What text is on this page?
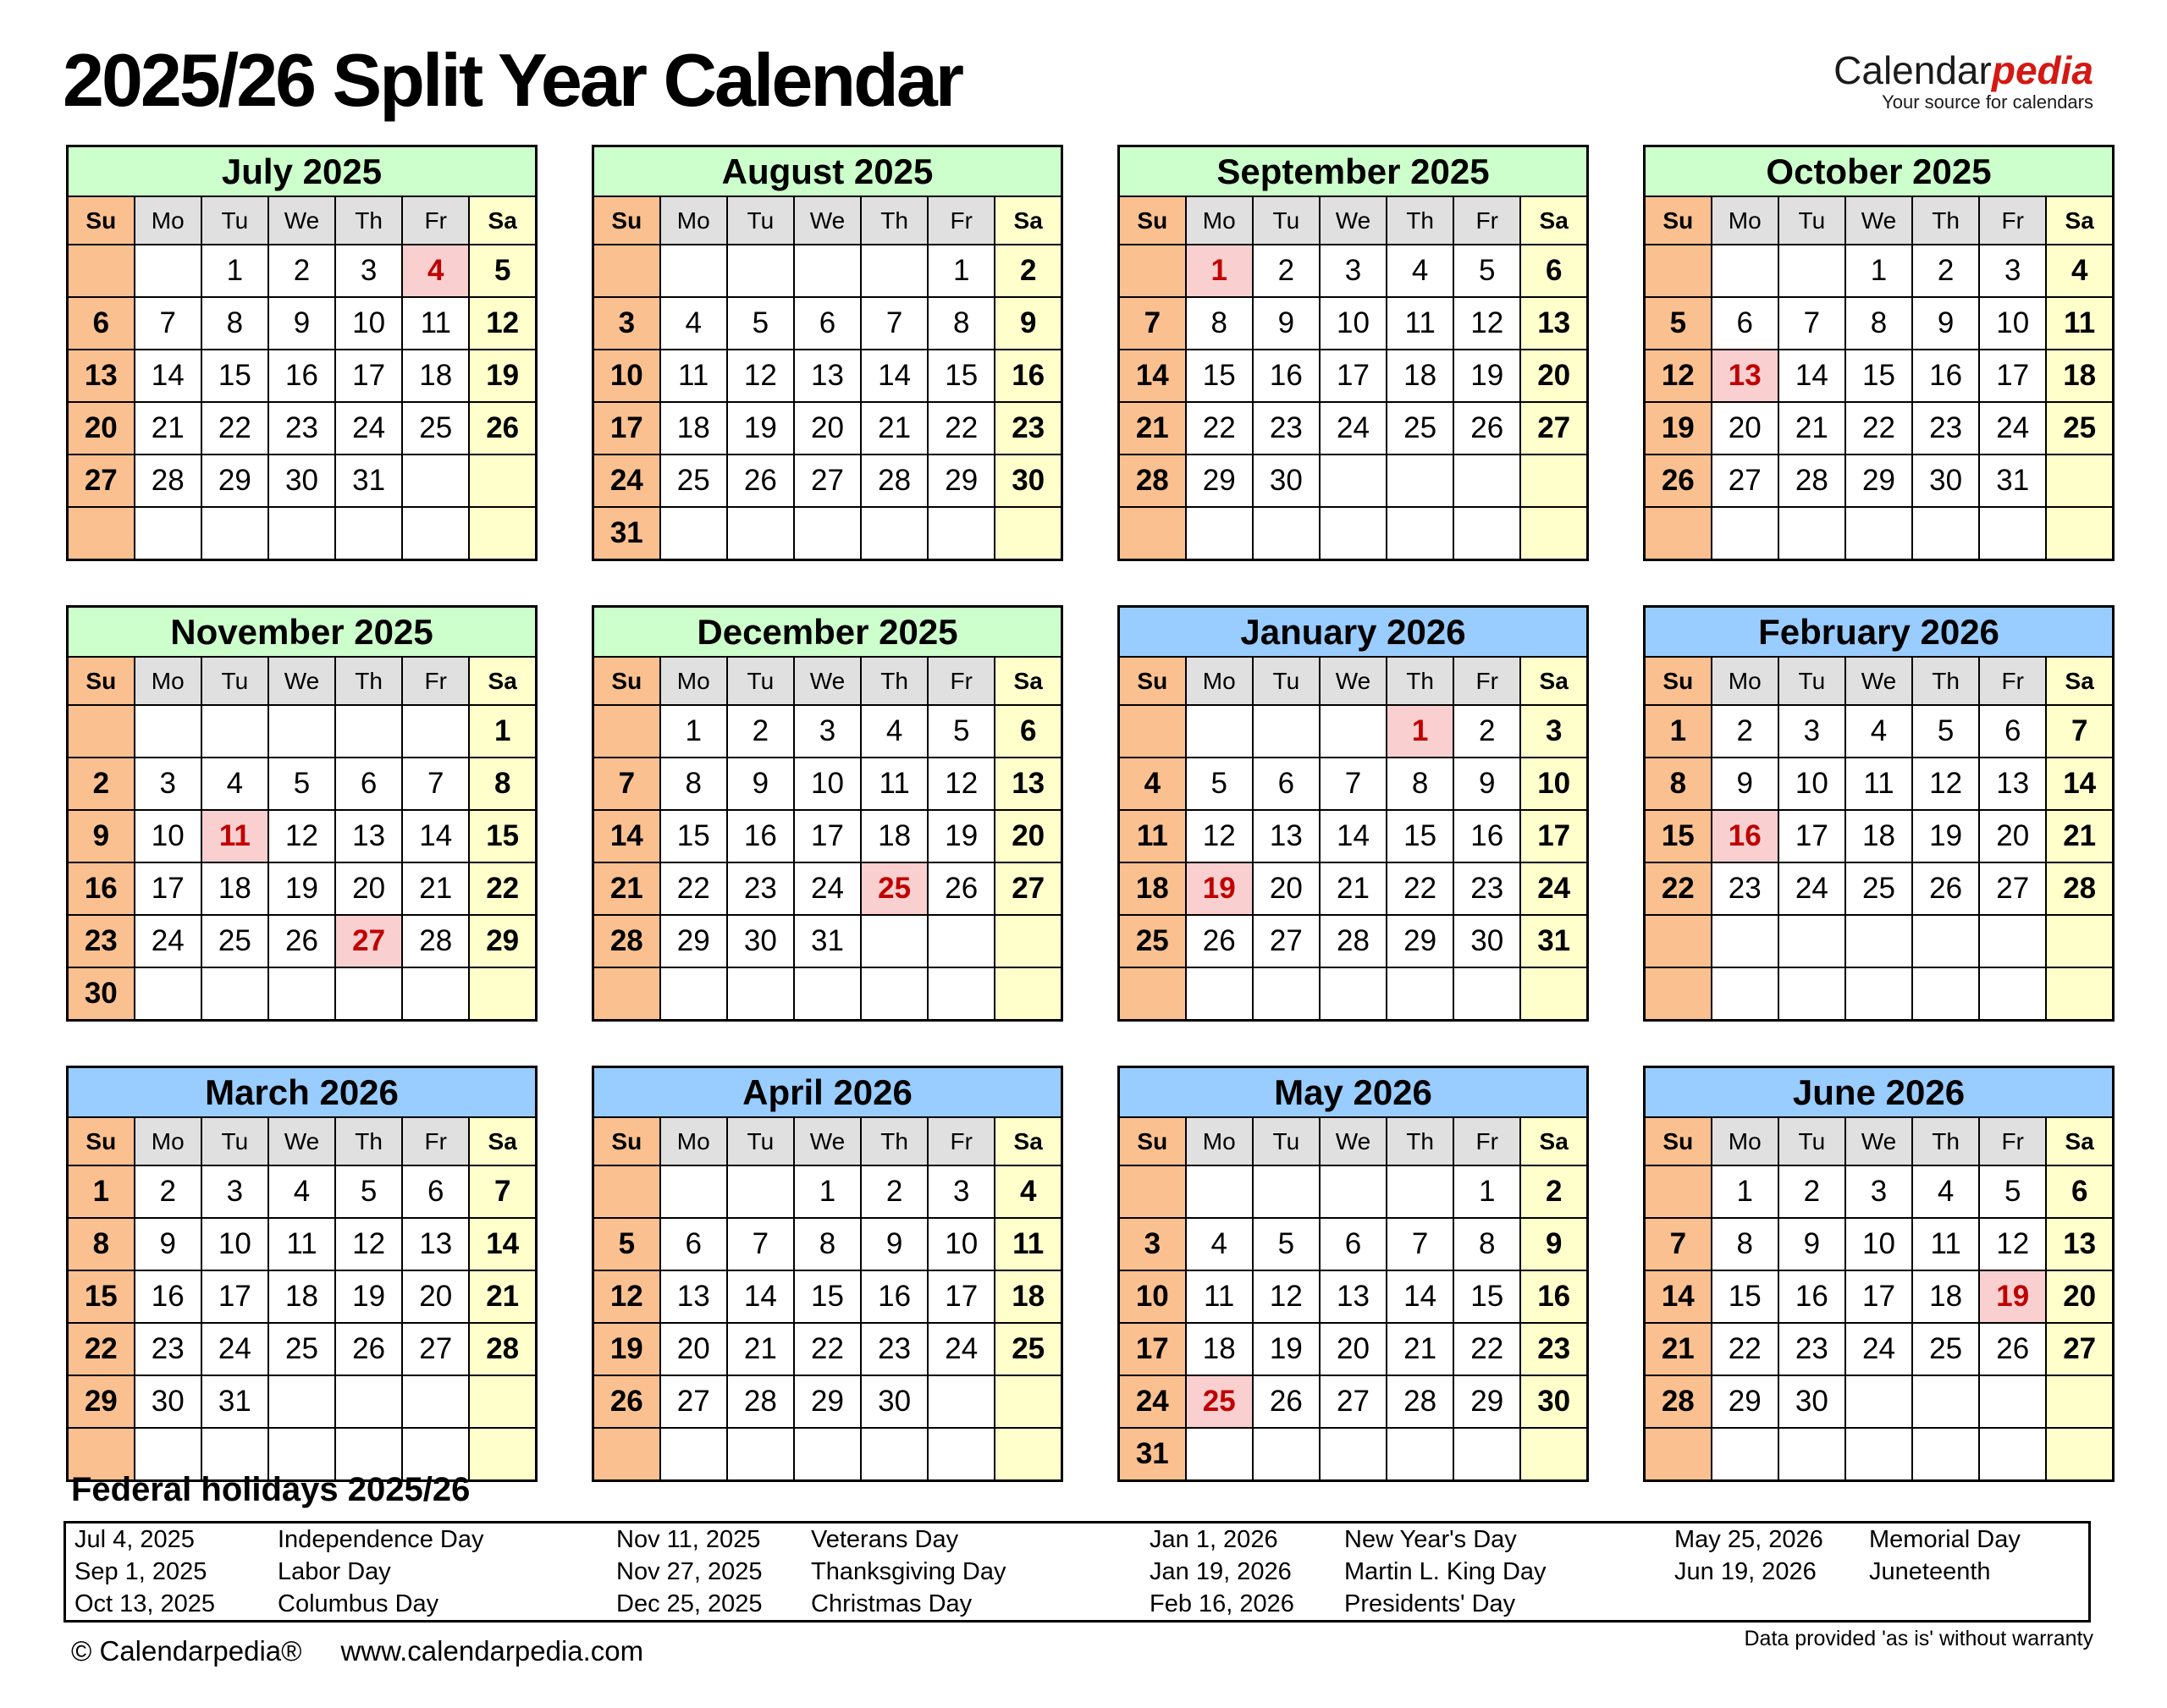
2025/26 Split Year Calendar	Calendarpedia
Your source for calendars
July 2025						
Su	Mo	Tu	We	Th	Fr	Sa
		1	2	3	4	5
6	7	8	9	10	11	12
13	14	15	16	17	18	19
20	21	22	23	24	25	26
27	28	29	30	31		

August 2025						
Su	Mo	Tu	We	Th	Fr	Sa
					1	2
3	4	5	6	7	8	9
10	11	12	13	14	15	16
17	18	19	20	21	22	23
24	25	26	27	28	29	30
31						
September 2025						
Su	Mo	Tu	We	Th	Fr	Sa
	1	2	3	4	5	6
7	8	9	10	11	12	13
14	15	16	17	18	19	20
21	22	23	24	25	26	27
28	29	30				

October 2025						
Su	Mo	Tu	We	Th	Fr	Sa
			1	2	3	4
5	6	7	8	9	10	11
12	13	14	15	16	17	18
19	20	21	22	23	24	25
26	27	28	29	30	31	

November 2025						
Su	Mo	Tu	We	Th	Fr	Sa
						1
2	3	4	5	6	7	8
9	10	11	12	13	14	15
16	17	18	19	20	21	22
23	24	25	26	27	28	29
30						
December 2025						
Su	Mo	Tu	We	Th	Fr	Sa
	1	2	3	4	5	6
7	8	9	10	11	12	13
14	15	16	17	18	19	20
21	22	23	24	25	26	27
28	29	30	31			

January 2026						
Su	Mo	Tu	We	Th	Fr	Sa
				1	2	3
4	5	6	7	8	9	10
11	12	13	14	15	16	17
18	19	20	21	22	23	24
25	26	27	28	29	30	31

February 2026						
Su	Mo	Tu	We	Th	Fr	Sa
1	2	3	4	5	6	7
8	9	10	11	12	13	14
15	16	17	18	19	20	21
22	23	24	25	26	27	28

March 2026						
Su	Mo	Tu	We	Th	Fr	Sa
1	2	3	4	5	6	7
8	9	10	11	12	13	14
15	16	17	18	19	20	21
22	23	24	25	26	27	28
29	30	31				

April 2026						
Su	Mo	Tu	We	Th	Fr	Sa
			1	2	3	4
5	6	7	8	9	10	11
12	13	14	15	16	17	18
19	20	21	22	23	24	25
26	27	28	29	30		

May 2026						
Su	Mo	Tu	We	Th	Fr	Sa
					1	2
3	4	5	6	7	8	9
10	11	12	13	14	15	16
17	18	19	20	21	22	23
24	25	26	27	28	29	30
31						
June 2026						
Su	Mo	Tu	We	Th	Fr	Sa
	1	2	3	4	5	6
7	8	9	10	11	12	13
14	15	16	17	18	19	20
21	22	23	24	25	26	27
28	29	30				

Federal holidays 2025/26
Jul 4, 2025	Independence Day	Nov 11, 2025	Veterans Day	Jan 1, 2026	New Year's Day	May 25, 2026	Memorial Day
Sep 1, 2025	Labor Day	Nov 27, 2025	Thanksgiving Day	Jan 19, 2026	Martin L. King Day	Jun 19, 2026	Juneteenth
Oct 13, 2025	Columbus Day	Dec 25, 2025	Christmas Day	Feb 16, 2026	Presidents' Day
© Calendarpedia® www.calendarpedia.com	Data provided 'as is' without warranty
